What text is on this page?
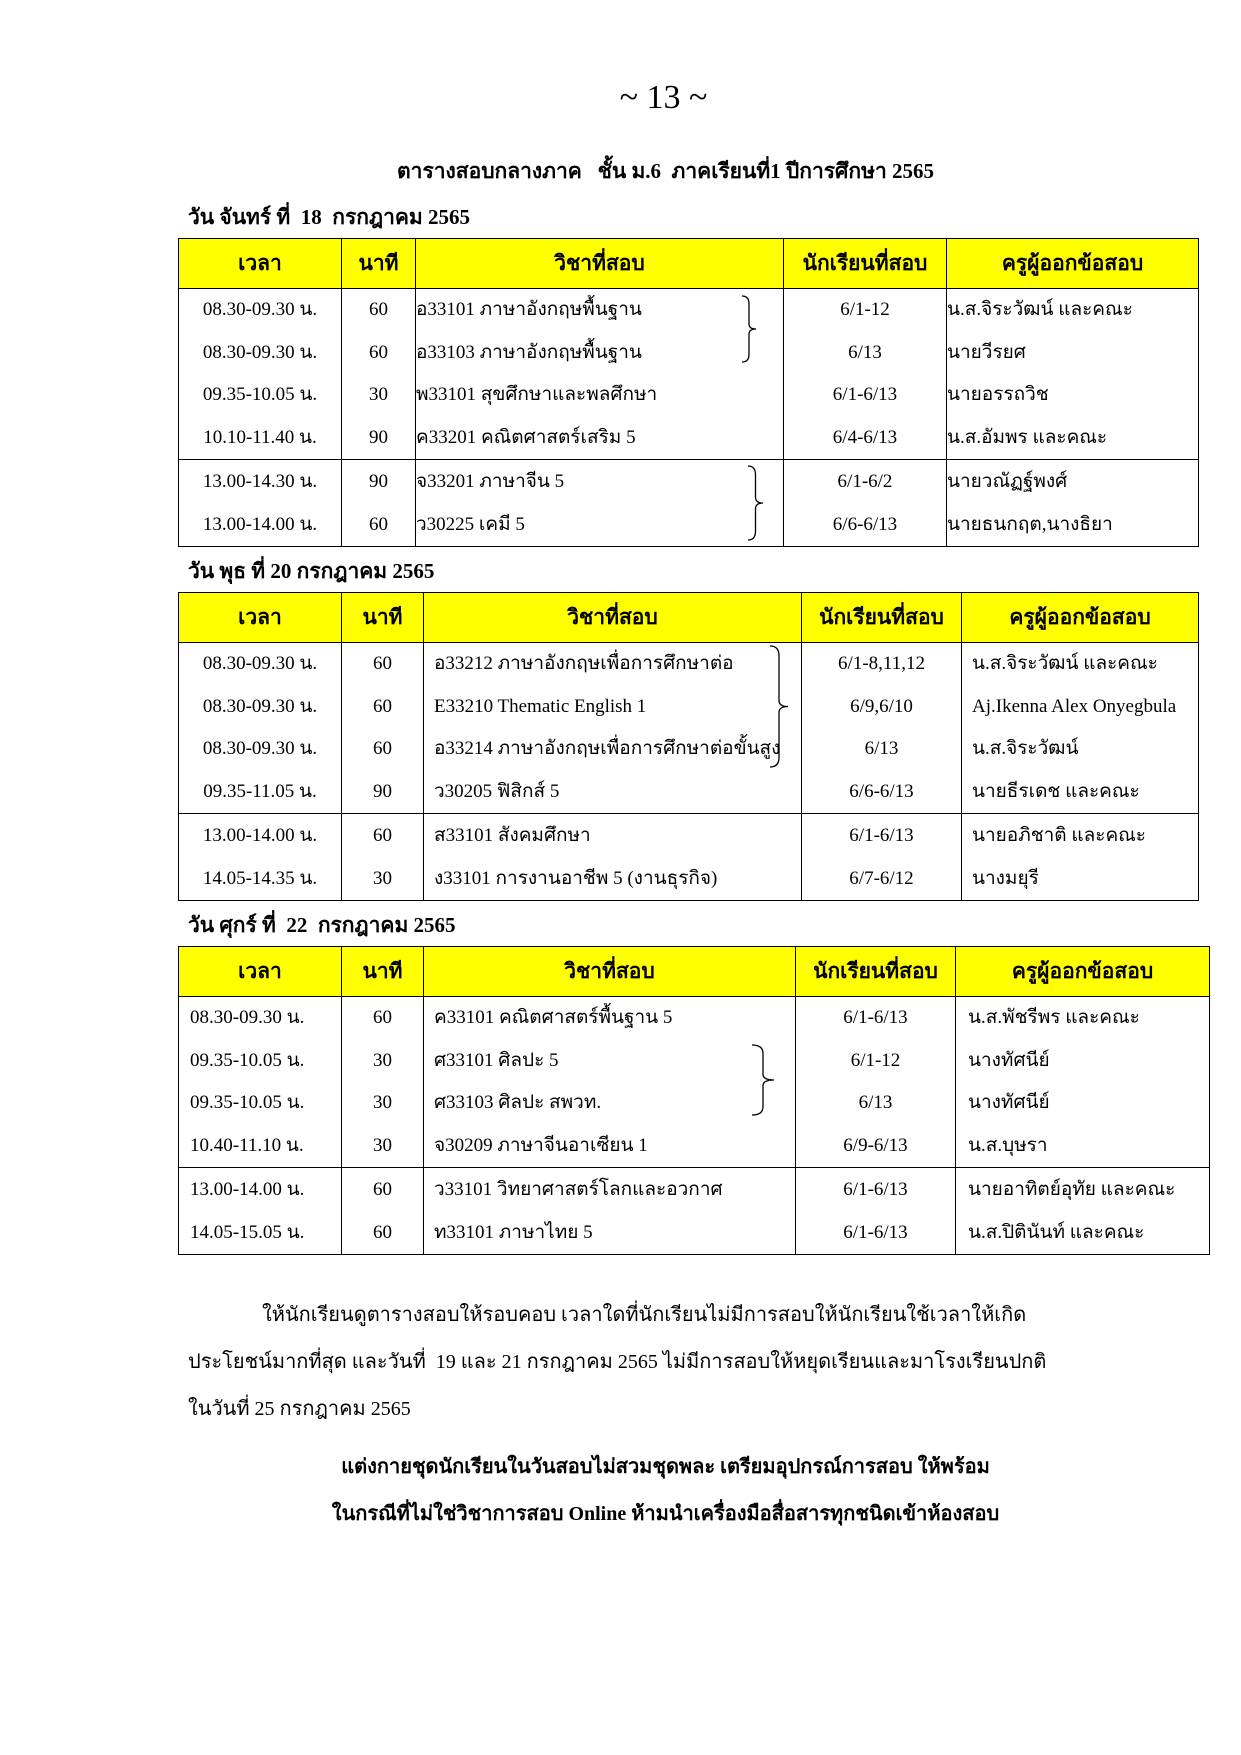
~ 13 ~
ตารางสอบกลางภาค   ชั้น ม.6  ภาคเรียนที่1 ปีการศึกษา 2565
วัน จันทร์ ที่  18  กรกฎาคม 2565
เวลา	นาที	วิชาที่สอบ	นักเรียนที่สอบ	ครูผู้ออกข้อสอบ
08.30-09.30 น.	60	อ33101 ภาษาอังกฤษพื้นฐาน	6/1-12	น.ส.จิระวัฒน์ และคณะ
08.30-09.30 น.	60	อ33103 ภาษาอังกฤษพื้นฐาน	6/13	นายวีรยศ
09.35-10.05 น.	30	พ33101 สุขศึกษาและพลศึกษา	6/1-6/13	นายอรรถวิช
10.10-11.40 น.	90	ค33201 คณิตศาสตร์เสริม 5	6/4-6/13	น.ส.อัมพร และคณะ
13.00-14.30 น.	90	จ33201 ภาษาจีน 5	6/1-6/2	นายวณัฏฐ์พงศ์
13.00-14.00 น.	60	ว30225 เคมี 5	6/6-6/13	นายธนกฤต,นางธิยา
วัน พุธ ที่ 20 กรกฎาคม 2565
เวลา	นาที	วิชาที่สอบ	นักเรียนที่สอบ	ครูผู้ออกข้อสอบ
08.30-09.30 น.	60	อ33212 ภาษาอังกฤษเพื่อการศึกษาต่อ	6/1-8,11,12	น.ส.จิระวัฒน์ และคณะ
08.30-09.30 น.	60	E33210 Thematic English 1	6/9,6/10	Aj.Ikenna Alex Onyegbula
08.30-09.30 น.	60	อ33214 ภาษาอังกฤษเพื่อการศึกษาต่อขั้นสูง	6/13	น.ส.จิระวัฒน์
09.35-11.05 น.	90	ว30205 ฟิสิกส์ 5	6/6-6/13	นายธีรเดช และคณะ
13.00-14.00 น.	60	ส33101 สังคมศึกษา	6/1-6/13	นายอภิชาติ และคณะ
14.05-14.35 น.	30	ง33101 การงานอาชีพ 5 (งานธุรกิจ)	6/7-6/12	นางมยุรี
วัน ศุกร์ ที่  22  กรกฎาคม 2565
เวลา	นาที	วิชาที่สอบ	นักเรียนที่สอบ	ครูผู้ออกข้อสอบ
08.30-09.30 น.	60	ค33101 คณิตศาสตร์พื้นฐาน 5	6/1-6/13	น.ส.พัชรีพร และคณะ
09.35-10.05 น.	30	ศ33101 ศิลปะ 5	6/1-12	นางทัศนีย์
09.35-10.05 น.	30	ศ33103 ศิลปะ สพวท.	6/13	นางทัศนีย์
10.40-11.10 น.	30	จ30209 ภาษาจีนอาเซียน 1	6/9-6/13	น.ส.บุษรา
13.00-14.00 น.	60	ว33101 วิทยาศาสตร์โลกและอวกาศ	6/1-6/13	นายอาทิตย์อุทัย และคณะ
14.05-15.05 น.	60	ท33101 ภาษาไทย 5	6/1-6/13	น.ส.ปิตินันท์ และคณะ
ให้นักเรียนดูตารางสอบให้รอบคอบ เวลาใดที่นักเรียนไม่มีการสอบให้นักเรียนใช้เวลาให้เกิด
ประโยชน์มากที่สุด และวันที่  19 และ 21 กรกฎาคม 2565 ไม่มีการสอบให้หยุดเรียนและมาโรงเรียนปกติ
ในวันที่ 25 กรกฎาคม 2565
แต่งกายชุดนักเรียนในวันสอบไม่สวมชุดพละ เตรียมอุปกรณ์การสอบ ให้พร้อม
ในกรณีที่ไม่ใช่วิชาการสอบ Online ห้ามนำเครื่องมือสื่อสารทุกชนิดเข้าห้องสอบ
